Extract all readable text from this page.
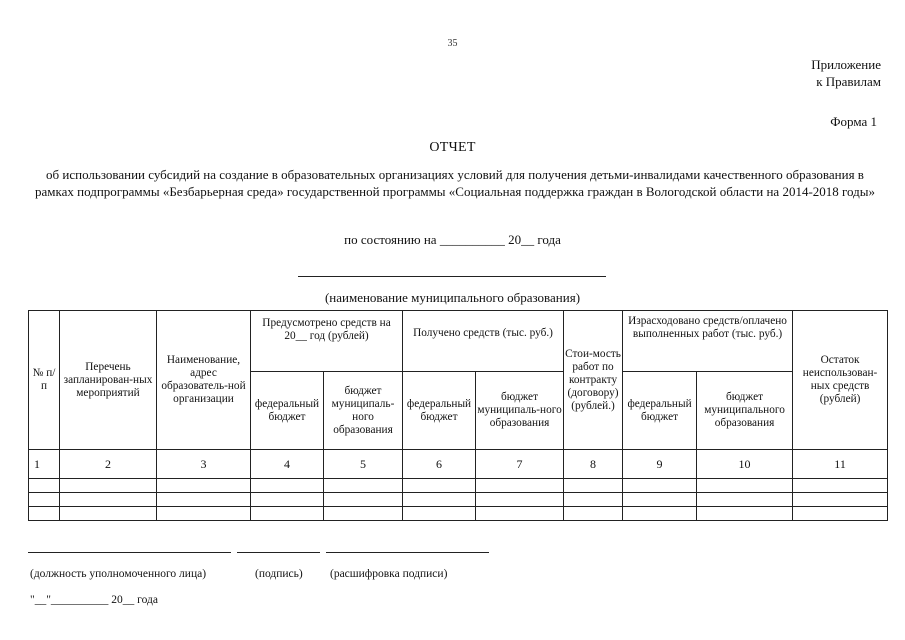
35
Приложение
к Правилам
Форма 1
ОТЧЕТ
об использовании субсидий на создание в образовательных организациях условий для получения детьми-инвалидами качественного образования в рамках подпрограммы «Безбарьерная среда» государственной программы «Социальная поддержка граждан в Вологодской области на 2014-2018 годы»
по состоянию на __________ 20__ года
(наименование муниципального образования)
№ п/п	Перечень запланирован-ных мероприятий	Наименование, адрес образователь-ной организации	Предусмотрено средств на 20__ год (рублей)		Получено средств (тыс. руб.)		Стои-мость работ по контракту (договору) (рублей.)	Израсходовано средств/оплачено выполненных работ (тыс. руб.)		Остаток неиспользован-ных средств (рублей)
			федеральный бюджет	бюджет муниципаль-ного образования	федеральный бюджет	бюджет муниципаль-ного образования		федеральный бюджет	бюджет муниципального образования	
1	2	3	4	5	6	7	8	9	10	11

(должность уполномоченного лица)	(подпись) (расшифровка подписи)
"__"__________ 20__ года
